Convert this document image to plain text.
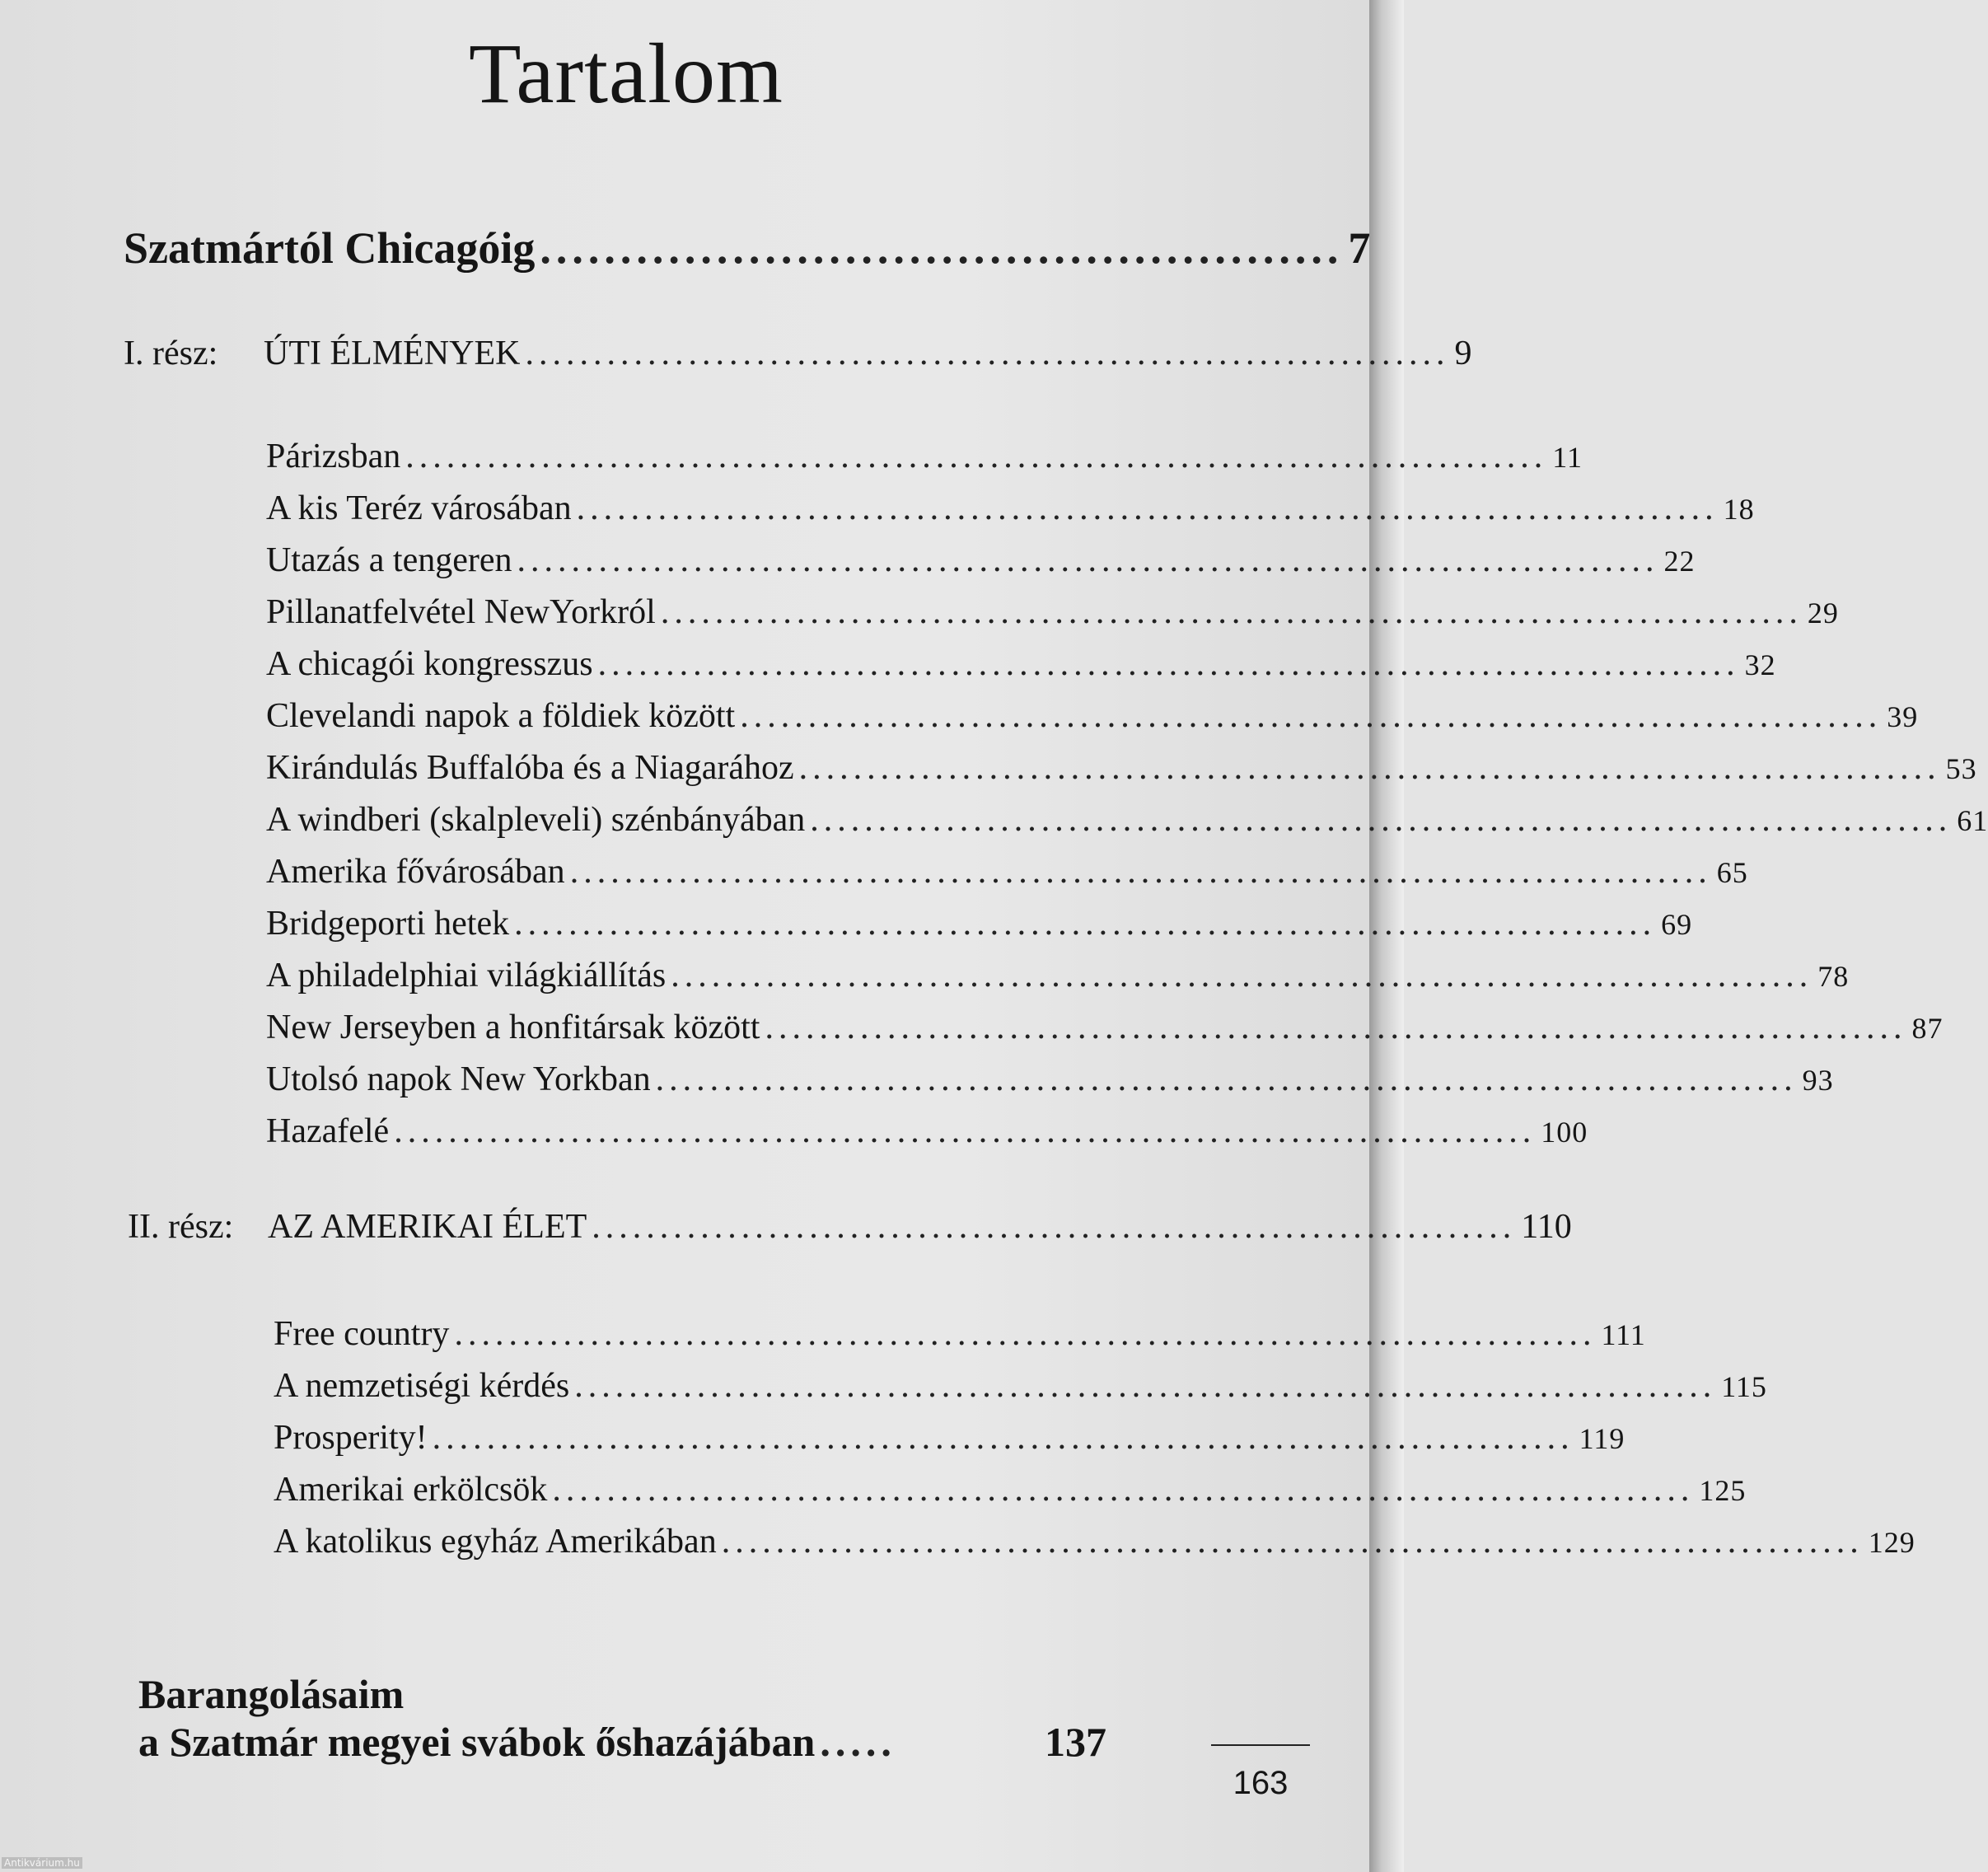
Tartalom
Szatmártól Chicagóig .................................................. 7
I. rész:	ÚTI ÉLMÉNYEK .................................................................... 9
Párizsban .................................................................................... 11
A kis Teréz városában .................................................................................... 18
Utazás a tengeren .................................................................................... 22
Pillanatfelvétel NewYorkról .................................................................................... 29
A chicagói kongresszus .................................................................................... 32
Clevelandi napok a földiek között .................................................................................... 39
Kirándulás Buffalóba és a Niagarához .................................................................................... 53
A windberi (skalpleveli) szénbányában .................................................................................... 61
Amerika fővárosában .................................................................................... 65
Bridgeporti hetek .................................................................................... 69
A philadelphiai világkiállítás .................................................................................... 78
New Jerseyben a honfitársak között .................................................................................... 87
Utolsó napok New Yorkban .................................................................................... 93
Hazafelé .................................................................................... 100
II. rész: AZ AMERIKAI ÉLET .................................................................... 110
Free country .................................................................................... 111
A nemzetiségi kérdés .................................................................................... 115
Prosperity! .................................................................................... 119
Amerikai erkölcsök .................................................................................... 125
A katolikus egyház Amerikában .................................................................................... 129
Barangolásaim
a Szatmár megyei svábok őshazájában .....	137
163
Antikvárium.hu
